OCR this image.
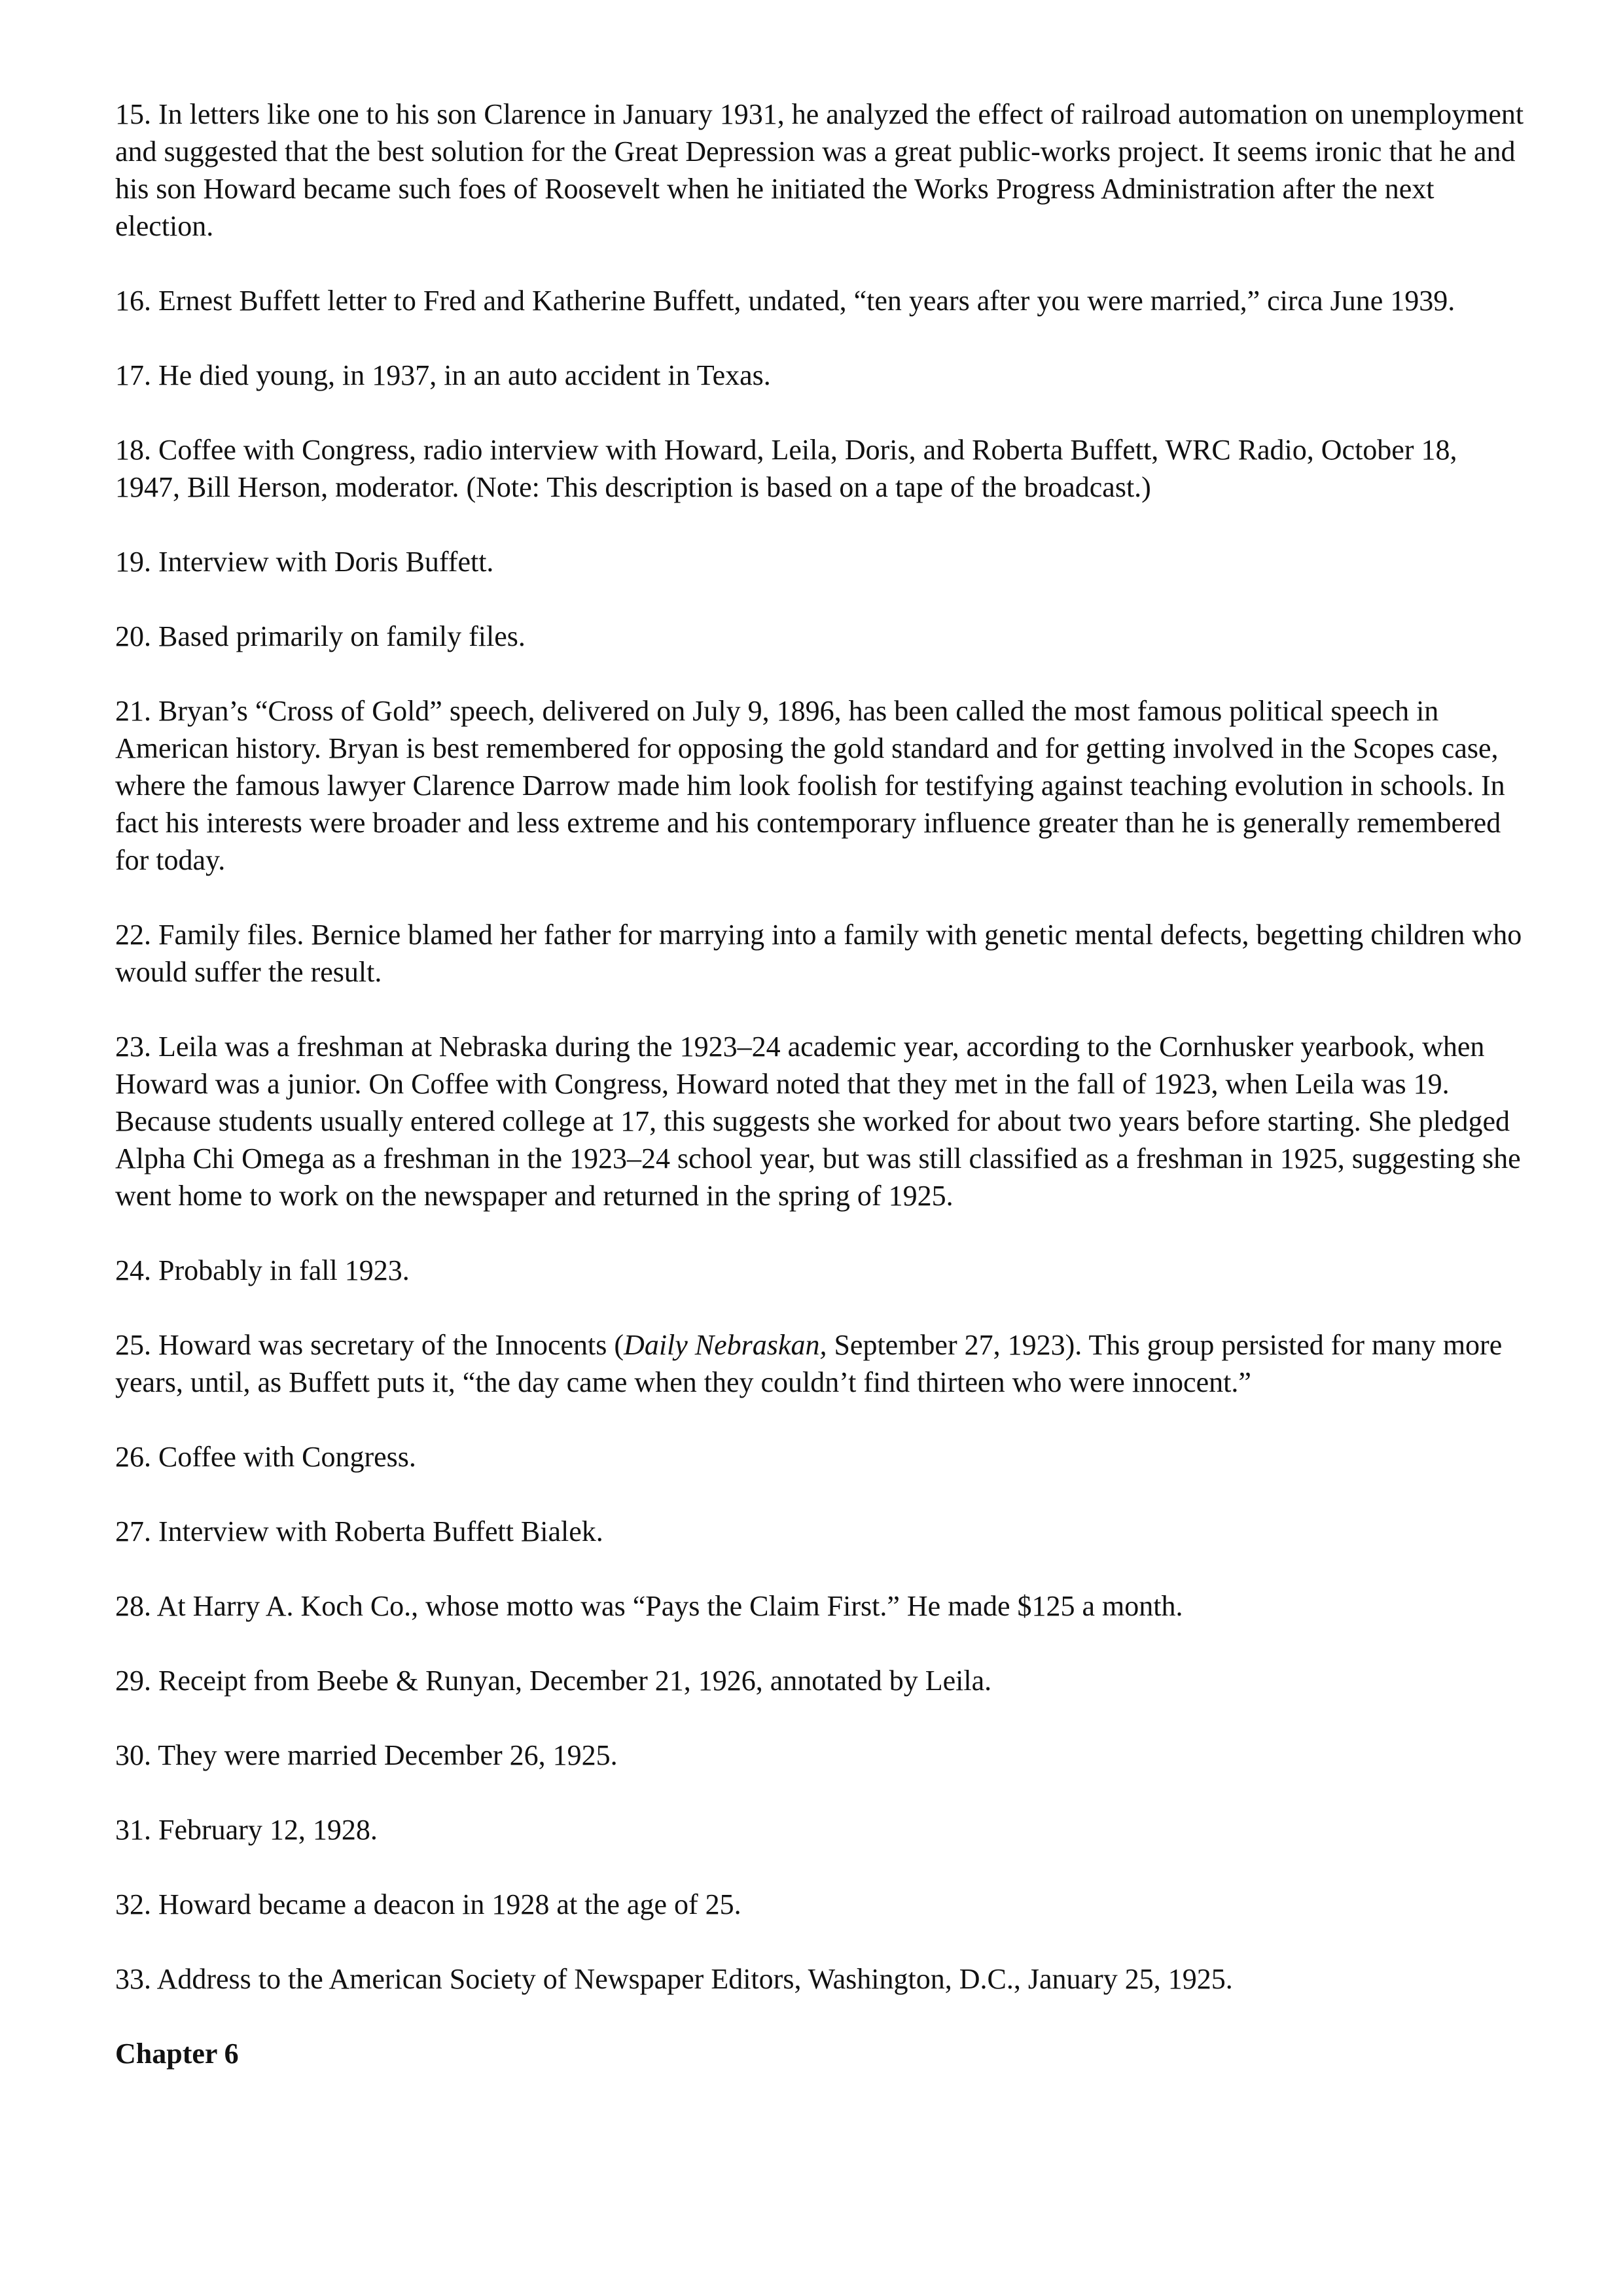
15. In letters like one to his son Clarence in January 1931, he analyzed the effect of railroad automation on unemployment and suggested that the best solution for the Great Depression was a great public-works project. It seems ironic that he and his son Howard became such foes of Roosevelt when he initiated the Works Progress Administration after the next election.

16. Ernest Buffett letter to Fred and Katherine Buffett, undated, “ten years after you were married,” circa June 1939.

17. He died young, in 1937, in an auto accident in Texas.

18. Coffee with Congress, radio interview with Howard, Leila, Doris, and Roberta Buffett, WRC Radio, October 18, 1947, Bill Herson, moderator. (Note: This description is based on a tape of the broadcast.)

19. Interview with Doris Buffett.

20. Based primarily on family files.

21. Bryan’s “Cross of Gold” speech, delivered on July 9, 1896, has been called the most famous political speech in American history. Bryan is best remembered for opposing the gold standard and for getting involved in the Scopes case, where the famous lawyer Clarence Darrow made him look foolish for testifying against teaching evolution in schools. In fact his interests were broader and less extreme and his contemporary influence greater than he is generally remembered for today.

22. Family files. Bernice blamed her father for marrying into a family with genetic mental defects, begetting children who would suffer the result.

23. Leila was a freshman at Nebraska during the 1923–24 academic year, according to the Cornhusker yearbook, when Howard was a junior. On Coffee with Congress, Howard noted that they met in the fall of 1923, when Leila was 19. Because students usually entered college at 17, this suggests she worked for about two years before starting. She pledged Alpha Chi Omega as a freshman in the 1923–24 school year, but was still classified as a freshman in 1925, suggesting she went home to work on the newspaper and returned in the spring of 1925.

24. Probably in fall 1923.

25. Howard was secretary of the Innocents (Daily Nebraskan, September 27, 1923). This group persisted for many more years, until, as Buffett puts it, “the day came when they couldn’t find thirteen who were innocent.”

26. Coffee with Congress.

27. Interview with Roberta Buffett Bialek.

28. At Harry A. Koch Co., whose motto was “Pays the Claim First.” He made $125 a month.

29. Receipt from Beebe & Runyan, December 21, 1926, annotated by Leila.

30. They were married December 26, 1925.

31. February 12, 1928.

32. Howard became a deacon in 1928 at the age of 25.

33. Address to the American Society of Newspaper Editors, Washington, D.C., January 25, 1925.

Chapter 6
